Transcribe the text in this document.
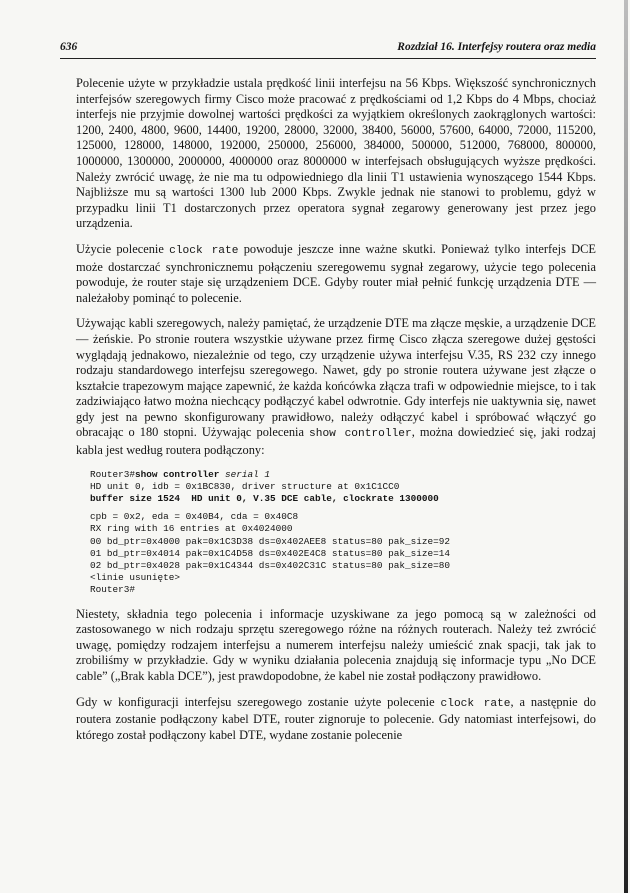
636	Rozdział 16. Interfejsy routera oraz media

Polecenie użyte w przykładzie ustala prędkość linii interfejsu na 56 Kbps. Większość synchronicznych interfejsów szeregowych firmy Cisco może pracować z prędkościami od 1,2 Kbps do 4 Mbps, chociaż interfejs nie przyjmie dowolnej wartości prędkości za wyjątkiem określonych zaokrąglonych wartości: 1200, 2400, 4800, 9600, 14400, 19200, 28000, 32000, 38400, 56000, 57600, 64000, 72000, 115200, 125000, 128000, 148000, 192000, 250000, 256000, 384000, 500000, 512000, 768000, 800000, 1000000, 1300000, 2000000, 4000000 oraz 8000000 w interfejsach obsługujących wyższe prędkości. Należy zwrócić uwagę, że nie ma tu odpowiedniego dla linii T1 ustawienia wynoszącego 1544 Kbps. Najbliższe mu są wartości 1300 lub 2000 Kbps. Zwykle jednak nie stanowi to problemu, gdyż w przypadku linii T1 dostarczonych przez operatora sygnał zegarowy generowany jest przez jego urządzenia.

Użycie polecenie clock rate powoduje jeszcze inne ważne skutki. Ponieważ tylko interfejs DCE może dostarczać synchronicznemu połączeniu szeregowemu sygnał zegarowy, użycie tego polecenia powoduje, że router staje się urządzeniem DCE. Gdyby router miał pełnić funkcję urządzenia DTE — należałoby pominąć to polecenie.

Używając kabli szeregowych, należy pamiętać, że urządzenie DTE ma złącze męskie, a urządzenie DCE — żeńskie. Po stronie routera wszystkie używane przez firmę Cisco złącza szeregowe dużej gęstości wyglądają jednakowo, niezależnie od tego, czy urządzenie używa interfejsu V.35, RS 232 czy innego rodzaju standardowego interfejsu szeregowego. Nawet, gdy po stronie routera używane jest złącze o kształcie trapezowym mające zapewnić, że każda końcówka złącza trafi w odpowiednie miejsce, to i tak zadziwiająco łatwo można niechcący podłączyć kabel odwrotnie. Gdy interfejs nie uaktywnia się, nawet gdy jest na pewno skonfigurowany prawidłowo, należy odłączyć kabel i spróbować włączyć go obracając o 180 stopni. Używając polecenia show controller, można dowiedzieć się, jaki rodzaj kabla jest według routera podłączony:

Router3#show controller serial 1
HD unit 0, idb = 0x1BC830, driver structure at 0x1C1CC0
buffer size 1524  HD unit 0, V.35 DCE cable, clockrate 1300000
cpb = 0x2, eda = 0x40B4, cda = 0x40C8
RX ring with 16 entries at 0x4024000
00 bd_ptr=0x4000 pak=0x1C3D38 ds=0x402AEE8 status=80 pak_size=92
01 bd_ptr=0x4014 pak=0x1C4D58 ds=0x402E4C8 status=80 pak_size=14
02 bd_ptr=0x4028 pak=0x1C4344 ds=0x402C31C status=80 pak_size=80
<linie usunięte>
Router3#

Niestety, składnia tego polecenia i informacje uzyskiwane za jego pomocą są w zależności od zastosowanego w nich rodzaju sprzętu szeregowego różne na różnych routerach. Należy też zwrócić uwagę, pomiędzy rodzajem interfejsu a numerem interfejsu należy umieścić znak spacji, tak jak to zrobiliśmy w przykładzie. Gdy w wyniku działania polecenia znajdują się informacje typu „No DCE cable” („Brak kabla DCE”), jest prawdopodobne, że kabel nie został podłączony prawidłowo.

Gdy w konfiguracji interfejsu szeregowego zostanie użyte polecenie clock rate, a następnie do routera zostanie podłączony kabel DTE, router zignoruje to polecenie. Gdy natomiast interfejsowi, do którego został podłączony kabel DTE, wydane zostanie polecenie
